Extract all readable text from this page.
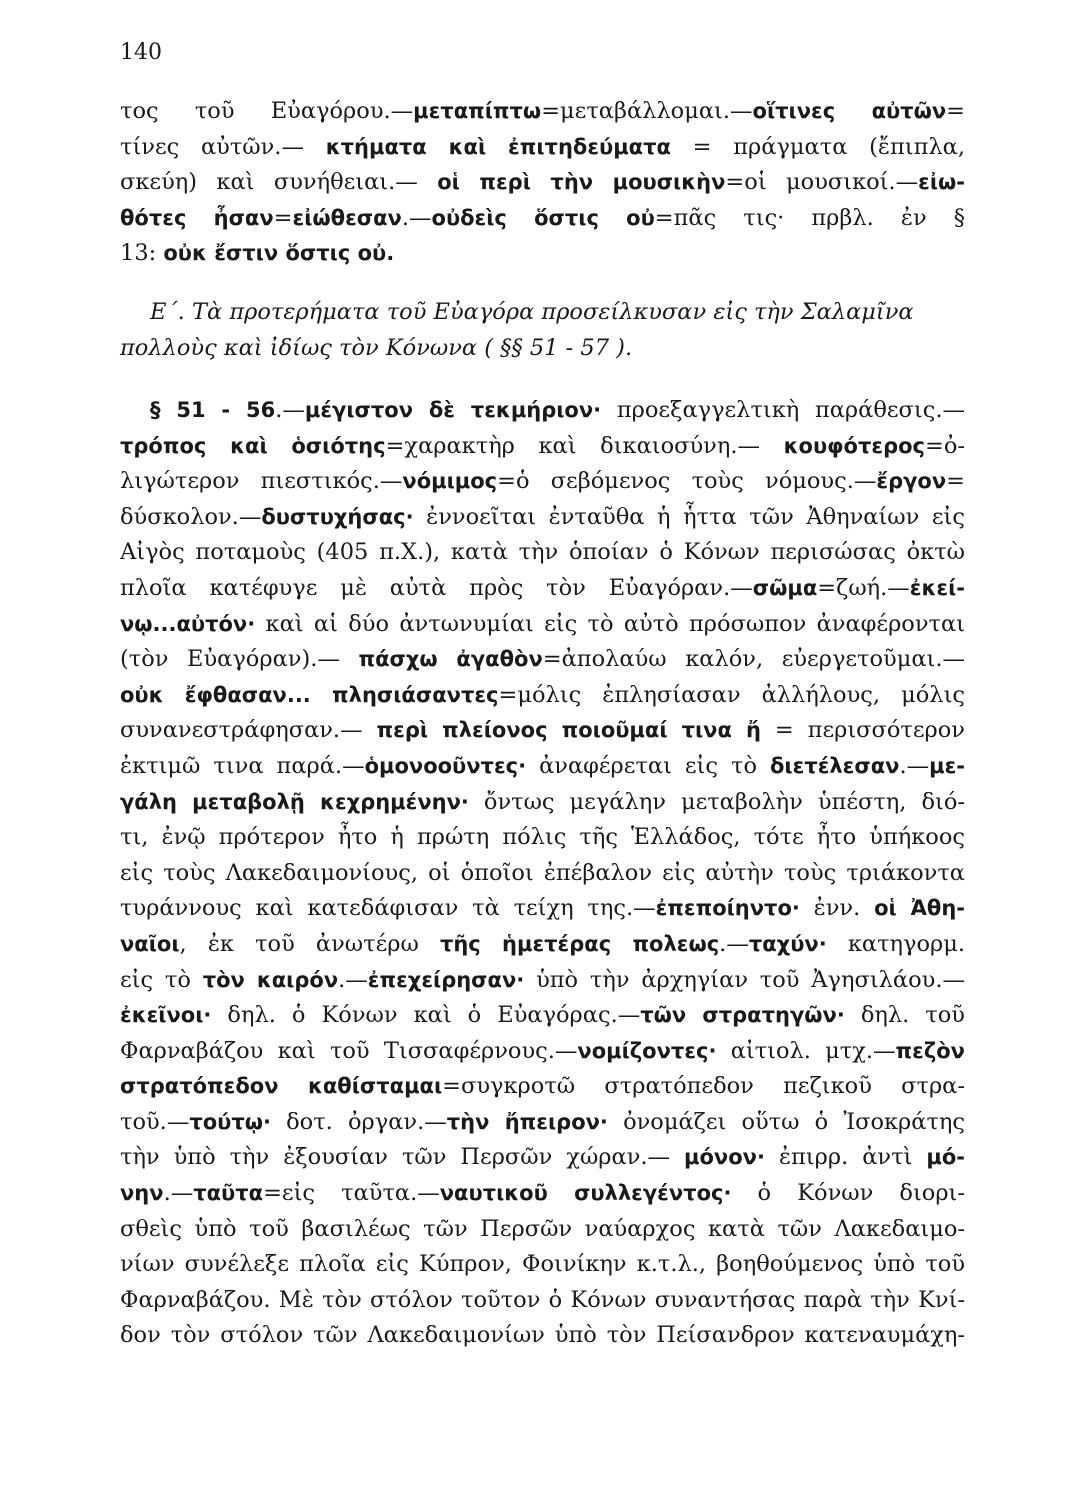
140
τος τοῦ Εὐαγόρου.—μεταπίπτω=μεταβάλλομαι.—οἵτινες αὐτῶν=
τίνες αὐτῶν.— κτήματα καὶ ἐπιτηδεύματα = πράγματα (ἔπιπλα,
σκεύη) καὶ συνήθειαι.— οἱ περὶ τὴν μουσικὴν=οἱ μουσικοί.—εἰω-
θότες ἦσαν=εἰώθεσαν.—οὐδεὶς ὅστις οὐ=πᾶς τις· πρβλ. ἐν §
13: οὐκ ἔστιν ὅστις οὐ.
Ε΄. Τὰ προτερήματα τοῦ Εὐαγόρα προσείλκυσαν εἰς τὴν Σαλαμῖνα
πολλοὺς καὶ ἰδίως τὸν Κόνωνα ( §§ 51 - 57 ).
§ 51 - 56.—μέγιστον δὲ τεκμήριον· προεξαγγελτικὴ παράθεσις.—
τρόπος καὶ ὁσιότης=χαρακτὴρ καὶ δικαιοσύνη.— κουφότερος=ὀ-
λιγώτερον πιεστικός.—νόμιμος=ὁ σεβόμενος τοὺς νόμους.—ἔργον=
δύσκολον.—δυστυχήσας· ἐννοεῖται ἐνταῦθα ἡ ἧττα τῶν Ἀθηναίων εἰς
Αἰγὸς ποταμοὺς (405 π.Χ.), κατὰ τὴν ὁποίαν ὁ Κόνων περισώσας ὀκτὼ
πλοῖα κατέφυγε μὲ αὐτὰ πρὸς τὸν Εὐαγόραν.—σῶμα=ζωή.—ἐκεί-
νῳ...αὐτόν· καὶ αἱ δύο ἀντωνυμίαι εἰς τὸ αὐτὸ πρόσωπον ἀναφέρονται
(τὸν Εὐαγόραν).— πάσχω ἀγαθὸν=ἀπολαύω καλόν, εὐεργετοῦμαι.—
οὐκ ἔφθασαν... πλησιάσαντες=μόλις ἐπλησίασαν ἀλλήλους, μόλις
συνανεστράφησαν.— περὶ πλείονος ποιοῦμαί τινα ἤ = περισσότερον
ἐκτιμῶ τινα παρά.—ὁμονοοῦντες· ἀναφέρεται εἰς τὸ διετέλεσαν.—με-
γάλη μεταβολῇ κεχρημένην· ὄντως μεγάλην μεταβολὴν ὑπέστη, διό-
τι, ἐνῷ πρότερον ἦτο ἡ πρώτη πόλις τῆς Ἑλλάδος, τότε ἦτο ὑπήκοος
εἰς τοὺς Λακεδαιμονίους, οἱ ὁποῖοι ἐπέβαλον εἰς αὐτὴν τοὺς τριάκοντα
τυράννους καὶ κατεδάφισαν τὰ τείχη της.—ἐπεποίηντο· ἐνν. οἱ Ἀθη-
ναῖοι, ἐκ τοῦ ἀνωτέρω τῆς ἡμετέρας πολεως.—ταχύν· κατηγορμ.
εἰς τὸ τὸν καιρόν.—ἐπεχείρησαν· ὑπὸ τὴν ἀρχηγίαν τοῦ Ἀγησιλάου.—
ἐκεῖνοι· δηλ. ὁ Κόνων καὶ ὁ Εὐαγόρας.—τῶν στρατηγῶν· δηλ. τοῦ
Φαρναβάζου καὶ τοῦ Τισσαφέρνους.—νομίζοντες· αἰτιολ. μτχ.—πεζὸν
στρατόπεδον καθίσταμαι=συγκροτῶ στρατόπεδον πεζικοῦ στρα-
τοῦ.—τούτῳ· δοτ. ὀργαν.—τὴν ἤπειρον· ὀνομάζει οὕτω ὁ Ἰσοκράτης
τὴν ὑπὸ τὴν ἐξουσίαν τῶν Περσῶν χώραν.— μόνον· ἐπιρρ. ἀντὶ μό-
νην.—ταῦτα=εἰς ταῦτα.—ναυτικοῦ συλλεγέντος· ὁ Κόνων διορι-
σθεὶς ὑπὸ τοῦ βασιλέως τῶν Περσῶν ναύαρχος κατὰ τῶν Λακεδαιμο-
νίων συνέλεξε πλοῖα εἰς Κύπρον, Φοινίκην κ.τ.λ., βοηθούμενος ὑπὸ τοῦ
Φαρναβάζου. Μὲ τὸν στόλον τοῦτον ὁ Κόνων συναντήσας παρὰ τὴν Κνί-
δον τὸν στόλον τῶν Λακεδαιμονίων ὑπὸ τὸν Πείσανδρον κατεναυμάχη-
